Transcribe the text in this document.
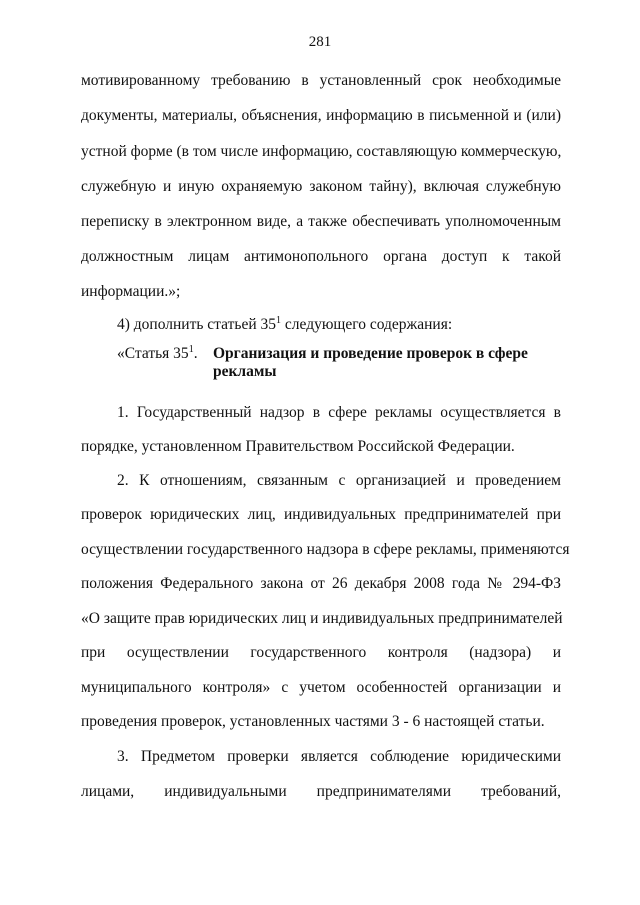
281
мотивированному требованию в установленный срок необходимые
документы, материалы, объяснения, информацию в письменной и (или)
устной форме (в том числе информацию, составляющую коммерческую,
служебную и иную охраняемую законом тайну), включая служебную
переписку в электронном виде, а также обеспечивать уполномоченным
должностным лицам антимонопольного органа доступ к такой
информации.»;
4) дополнить статьей $35^1$ следующего содержания:
«Статья $35^1$. Организация и проведение проверок в сфере рекламы
1. Государственный надзор в сфере рекламы осуществляется в
порядке, установленном Правительством Российской Федерации.
2. К отношениям, связанным с организацией и проведением
проверок юридических лиц, индивидуальных предпринимателей при
осуществлении государственного надзора в сфере рекламы, применяются
положения Федерального закона от 26 декабря 2008 года № 294-ФЗ
«О защите прав юридических лиц и индивидуальных предпринимателей
при осуществлении государственного контроля (надзора) и
муниципального контроля» с учетом особенностей организации и
проведения проверок, установленных частями 3 - 6 настоящей статьи.
3. Предметом проверки является соблюдение юридическими
лицами, индивидуальными предпринимателями требований,
